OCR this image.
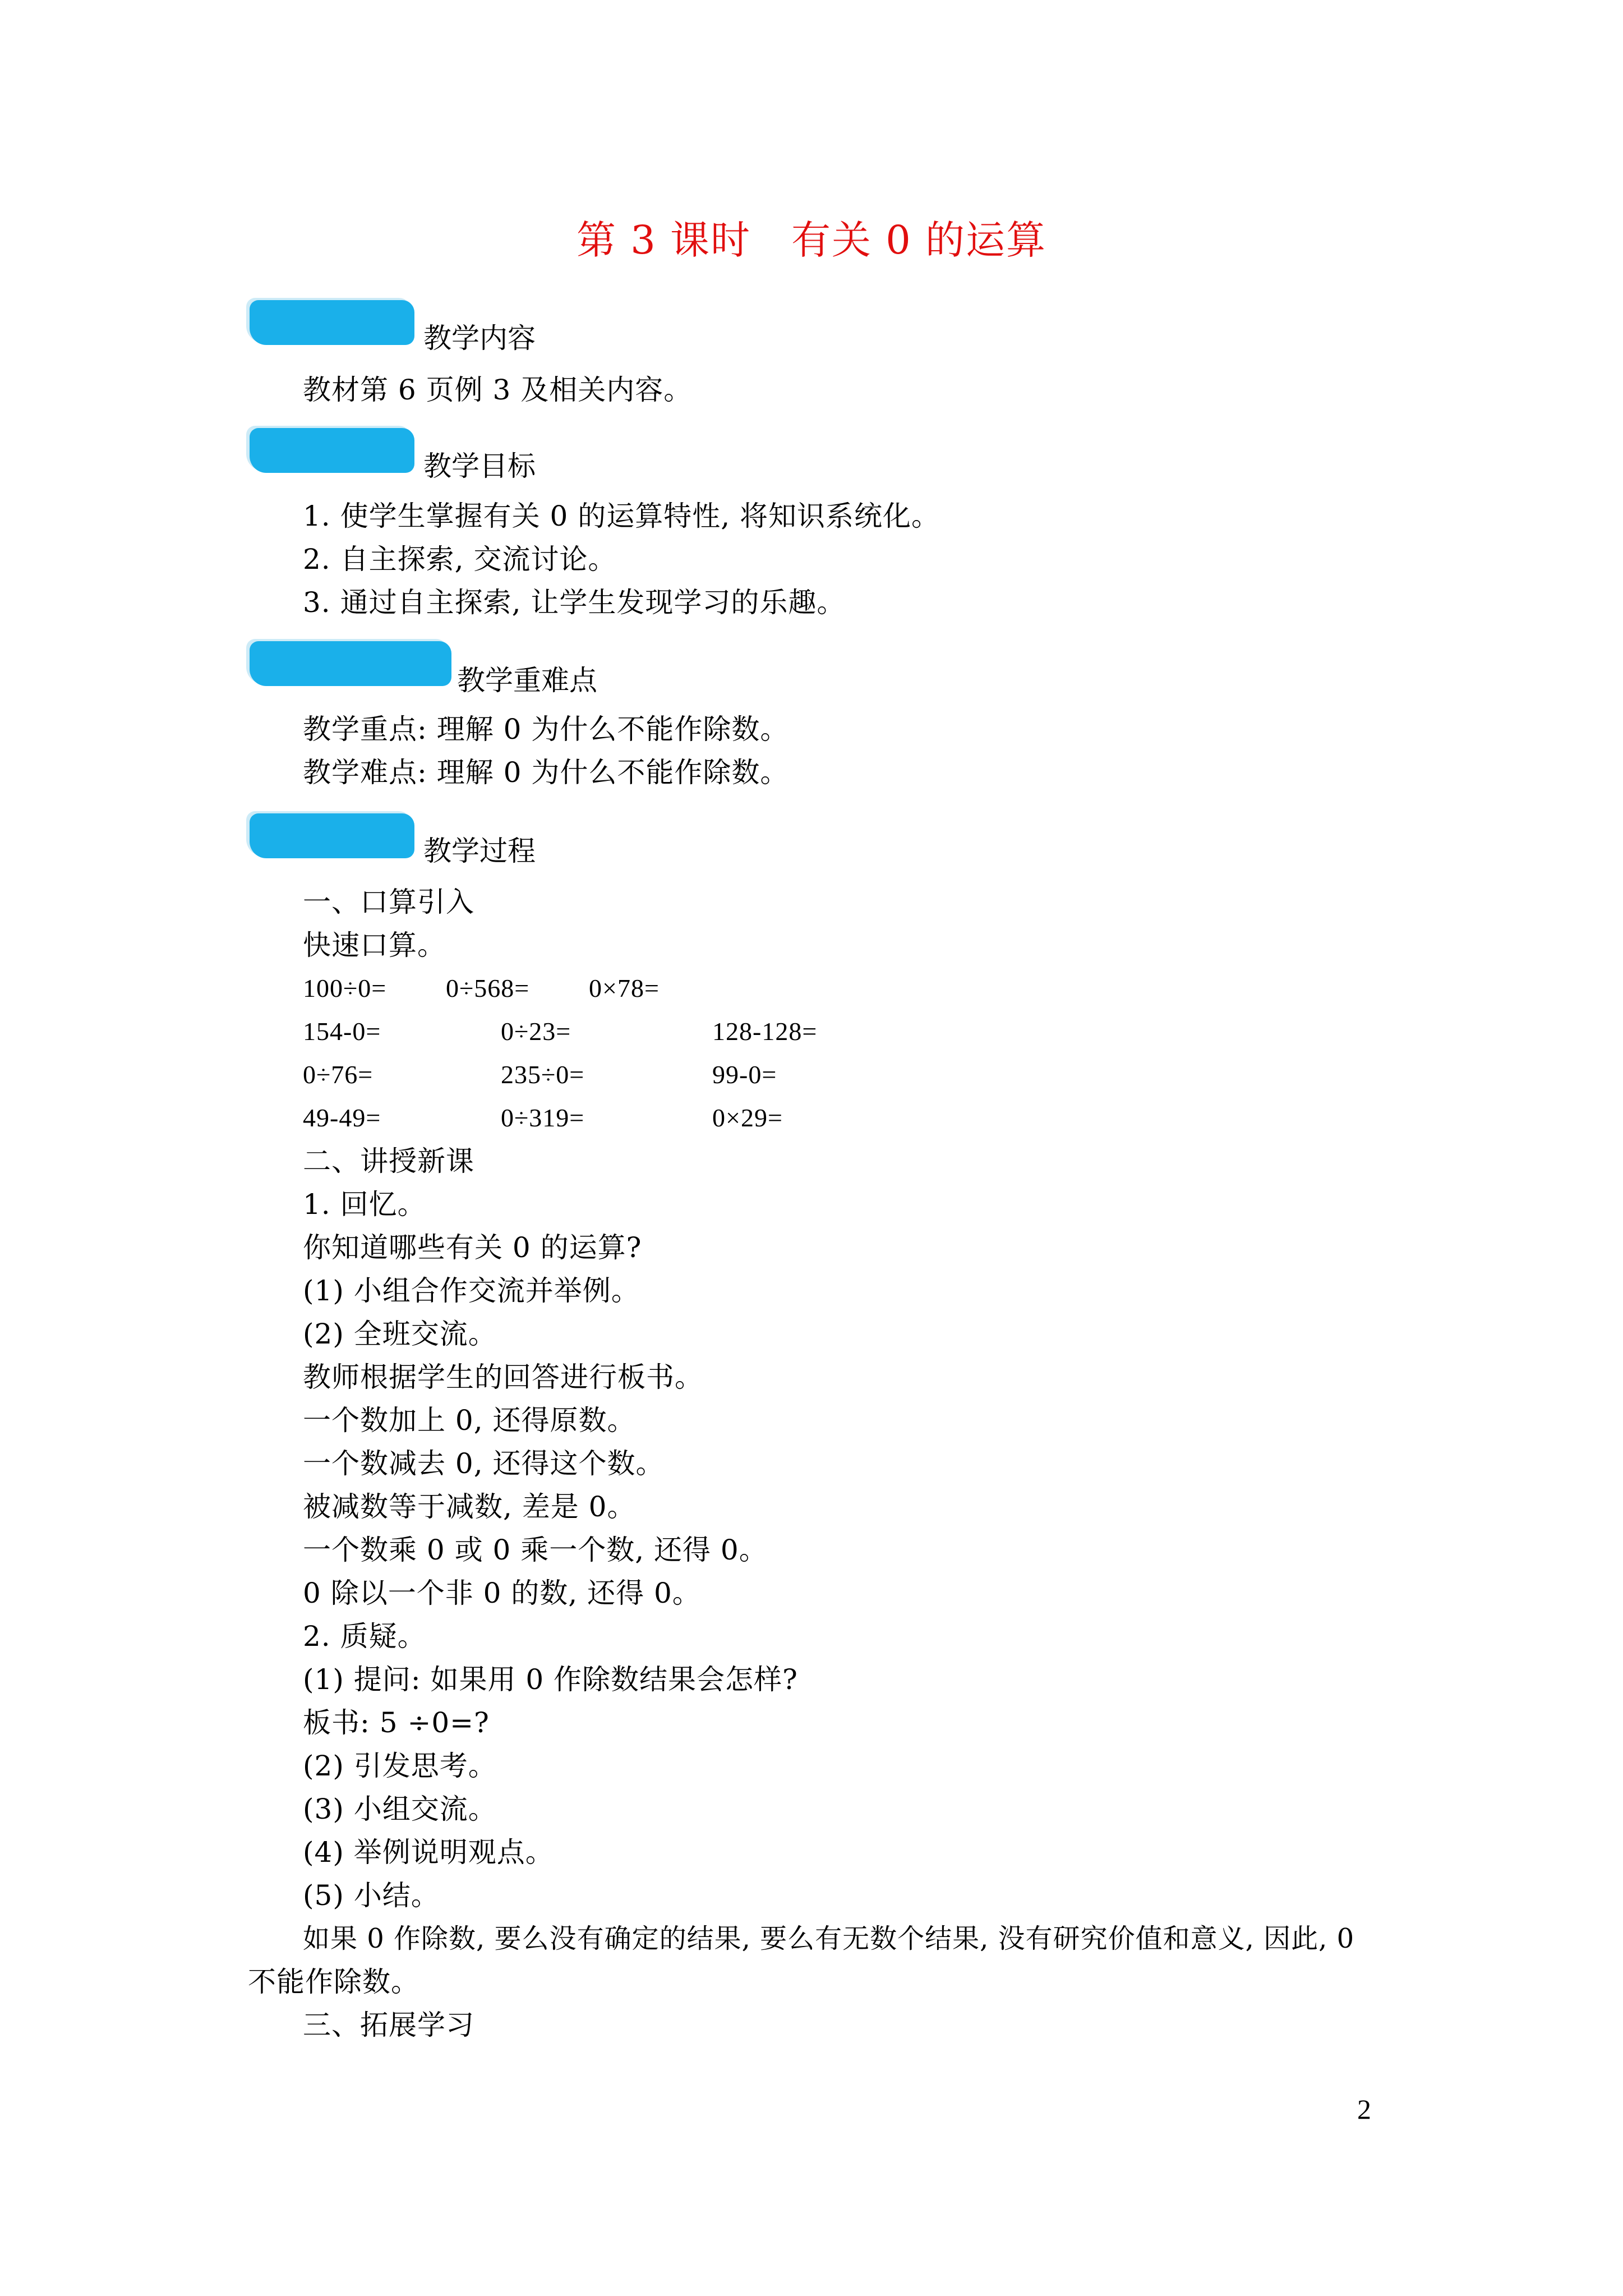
第 3 课时　有关 0 的运算
教学内容
教材第 6 页例 3 及相关内容。
教学目标
1. 使学生掌握有关 0 的运算特性, 将知识系统化。
2. 自主探索, 交流讨论。
3. 通过自主探索, 让学生发现学习的乐趣。
教学重难点
教学重点: 理解 0 为什么不能作除数。
教学难点: 理解 0 为什么不能作除数。
教学过程
一、口算引入
快速口算。
100÷0= 0÷568= 0×78=
154-0=	0÷23=	128-128=
0÷76=	235÷0=	99-0=
49-49=	0÷319=	0×29=
二、讲授新课
1. 回忆。
你知道哪些有关 0 的运算?
(1) 小组合作交流并举例。
(2) 全班交流。
教师根据学生的回答进行板书。
一个数加上 0, 还得原数。
一个数减去 0, 还得这个数。
被减数等于减数, 差是 0。
一个数乘 0 或 0 乘一个数, 还得 0。
0 除以一个非 0 的数, 还得 0。
2. 质疑。
(1) 提问: 如果用 0 作除数结果会怎样?
板书: 5 ÷0=?
(2) 引发思考。
(3) 小组交流。
(4) 举例说明观点。
(5) 小结。
如果 0 作除数, 要么没有确定的结果, 要么有无数个结果, 没有研究价值和意义, 因此, 0
不能作除数。
三、拓展学习
2
